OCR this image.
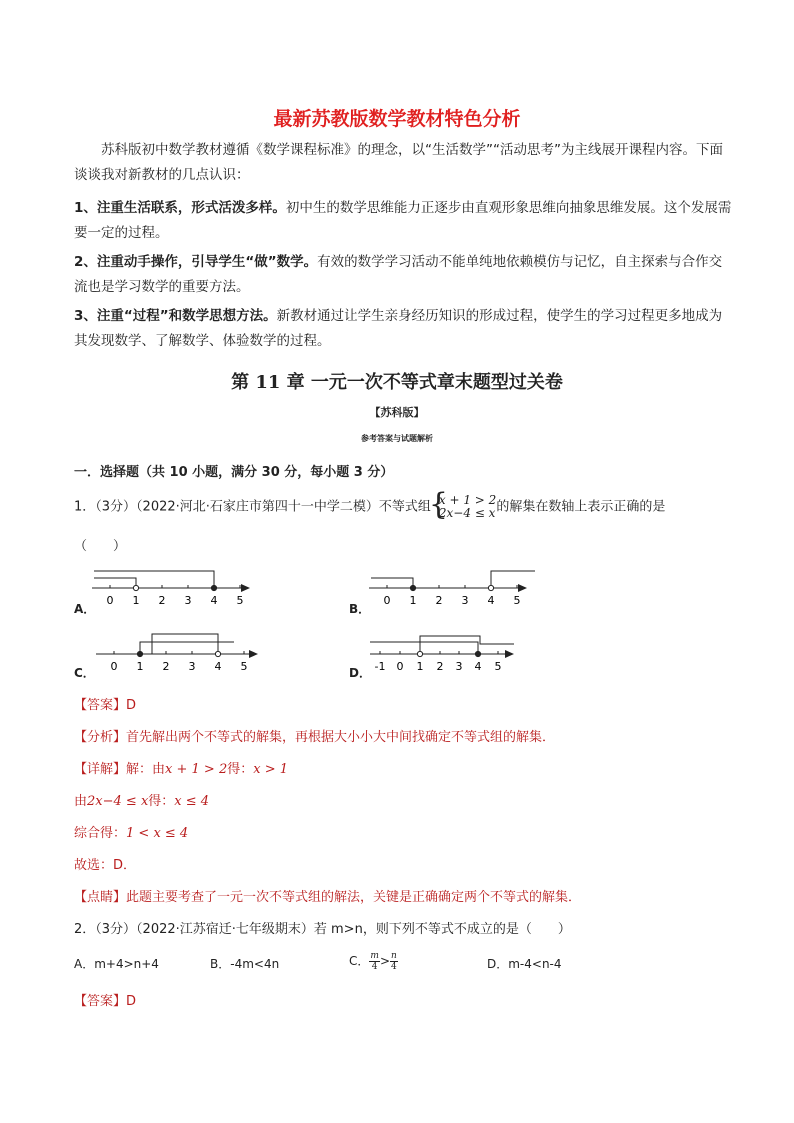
最新苏教版数学教材特色分析

苏科版初中数学教材遵循《数学课程标准》的理念，以“生活数学”“活动思考”为主线展开课程内容。下面谈谈我对新教材的几点认识：

1、注重生活联系，形式活泼多样。初中生的数学思维能力正逐步由直观形象思维向抽象思维发展。这个发展需要一定的过程。

2、注重动手操作，引导学生“做”数学。有效的数学学习活动不能单纯地依赖模仿与记忆，自主探索与合作交流也是学习数学的重要方法。

3、注重“过程”和数学思想方法。新教材通过让学生亲身经历知识的形成过程，使学生的学习过程更多地成为其发现数学、了解数学、体验数学的过程。

第 11 章 一元一次不等式章末题型过关卷
【苏科版】
参考答案与试题解析
一．选择题（共 10 小题，满分 30 分，每小题 3 分）
1．（3分）（2022·河北·石家庄市第四十一中学二模）不等式组
{
x + 1 > 2
2x−4 ≤ x 的解集在数轴上表示正确的是
（　　）
A．
0 1 2 3 4 5
B．
0 1 2 3 4 5
C． 0 1 2 3 4 5	D． -1 0 1 2 3 4 5
【答案】D
【分析】首先解出两个不等式的解集，再根据大小小大中间找确定不等式组的解集．
【详解】解：由x + 1 > 2得：x > 1
由2x−4 ≤ x得：x ≤ 4
综合得：1 < x ≤ 4
故选：D．
【点睛】此题主要考查了一元一次不等式组的解法，关键是正确确定两个不等式的解集．
2．（3分）（2022·江苏宿迁·七年级期末）若 m>n，则下列不等式不成立的是（　　）
A．m+4>n+4	B．-4m<4n	C． $\frac{m}{4} > \frac{n}{4}$	D．m-4<n-4
【答案】D
